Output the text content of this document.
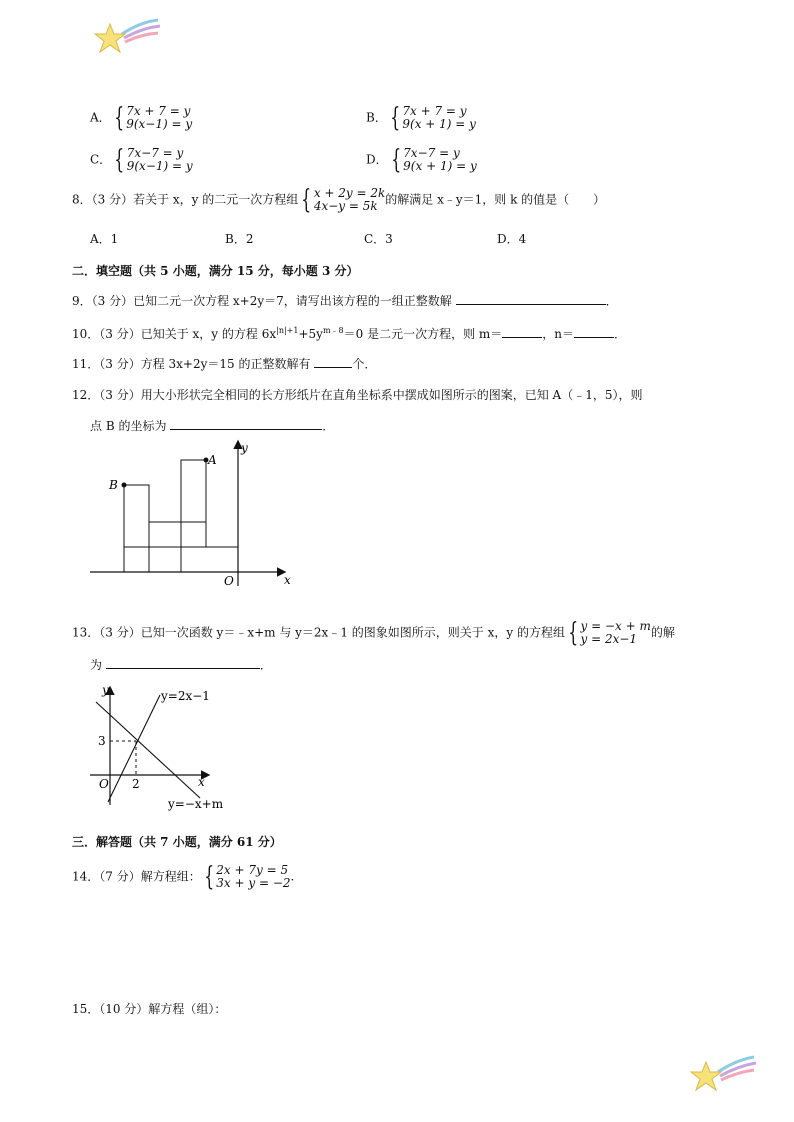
A． { 7x + 7 = y
9(x−1) = y	B． { 7x + 7 = y
9(x + 1) = y
C． { 7x−7 = y
9(x−1) = y	D． { 7x−7 = y
9(x + 1) = y
8．（3 分）若关于 x，y 的二元一次方程组 { x + 2y = 2k
4x−y = 5k 的解满足 x﹣y＝1，则 k 的值是（　　）
A．1	B．2	C．3	D．4
二．填空题（共 5 小题，满分 15 分，每小题 3 分）
9．（3 分）已知二元一次方程 x+2y＝7，请写出该方程的一组正整数解	．
10．（3 分）已知关于 x，y 的方程 $6x^{|n|+1}+5y^{m﹣8}=0$ 是二元一次方程，则 m＝	，n＝	．
11．（3 分）方程 3x+2y＝15 的正整数解有	个．
12．（3 分）用大小形状完全相同的长方形纸片在直角坐标系中摆成如图所示的图案，已知 A（﹣1，5），则
点 B 的坐标为	．
B
A
O	x
y
13．（3 分）已知一次函数 y＝﹣x+m 与 y＝2x﹣1 的图象如图所示，则关于 x，y 的方程组 { y = −x + m
y = 2x−1	的解
为	．
y
x
O
3
2
y=2x−1
y=−x+m
三．解答题（共 7 小题，满分 61 分）
14．（7 分）解方程组： { 2x + 7y = 5
3x + y = −2 .
15．（10 分）解方程（组）：
